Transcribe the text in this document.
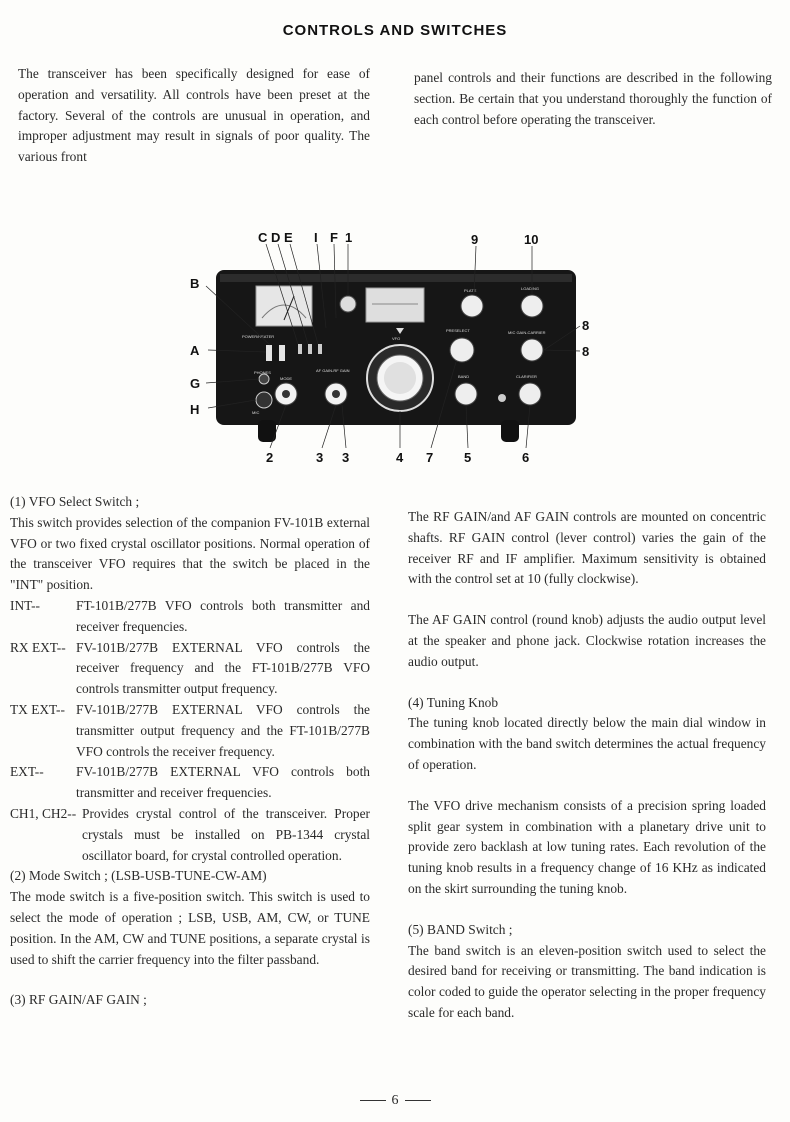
CONTROLS AND SWITCHES

The transceiver has been specifically designed for ease of operation and versatility. All controls have been preset at the factory. Several of the controls are unusual in operation, and improper adjustment may result in signals of poor quality. The various front

panel controls and their functions are described in the following section. Be certain that you understand thoroughly the function of each control before operating the transceiver.

POWER/HEATER
PHONES
MIC
MODE
AF GAIN-RF GAIN
PLATE	LOADING
PRESELECT	MIC GAIN-CARRIER
BAND	CLARIFIER
VFO
C D E I F 1	9	10
B
A
G
H
8
8
2	3 3	4 7 5	6

(1) VFO Select Switch ;

This switch provides selection of the companion FV-101B external VFO or two fixed crystal oscillator positions. Normal operation of the transceiver VFO requires that the switch be placed in the "INT" position.

INT--	FT-101B/277B VFO controls both transmitter and receiver frequencies.
RX EXT-- FV-101B/277B EXTERNAL VFO controls the receiver frequency and the FT-101B/277B VFO controls transmitter output frequency.
TX EXT-- FV-101B/277B EXTERNAL VFO controls the transmitter output frequency and the FT-101B/277B VFO controls the receiver frequency.
EXT--	FV-101B/277B EXTERNAL VFO controls both transmitter and receiver frequencies.
CH1, CH2-- Provides crystal control of the transceiver. Proper crystals must be installed on PB-1344 crystal oscillator board, for crystal controlled operation.

(2) Mode Switch ; (LSB-USB-TUNE-CW-AM)

The mode switch is a five-position switch. This switch is used to select the mode of operation ; LSB, USB, AM, CW, or TUNE position. In the AM, CW and TUNE positions, a separate crystal is used to shift the carrier frequency into the filter passband.

(3) RF GAIN/AF GAIN ;

The RF GAIN/and AF GAIN controls are mounted on concentric shafts. RF GAIN control (lever control) varies the gain of the receiver RF and IF amplifier. Maximum sensitivity is obtained with the control set at 10 (fully clockwise).

The AF GAIN control (round knob) adjusts the audio output level at the speaker and phone jack. Clockwise rotation increases the audio output.

(4) Tuning Knob

The tuning knob located directly below the main dial window in combination with the band switch determines the actual frequency of operation.

The VFO drive mechanism consists of a precision spring loaded split gear system in combination with a planetary drive unit to provide zero backlash at low tuning rates. Each revolution of the tuning knob results in a frequency change of 16 KHz as indicated on the skirt surrounding the tuning knob.

(5) BAND Switch ;

The band switch is an eleven-position switch used to select the desired band for receiving or transmitting. The band indication is color coded to guide the operator selecting in the proper frequency scale for each band.

6
